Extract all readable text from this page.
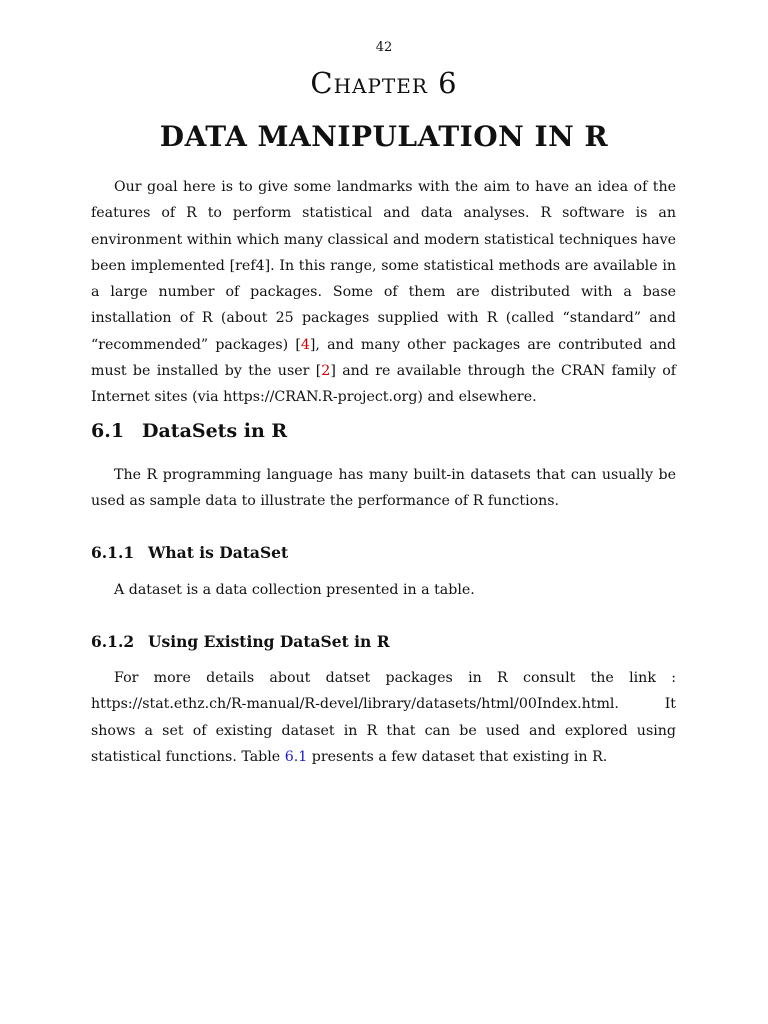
42
Chapter 6
DATA MANIPULATION IN R

Our goal here is to give some landmarks with the aim to have an idea of the features of R to perform statistical and data analyses. R software is an environment within which many classical and modern statistical techniques have been implemented [ref4]. In this range, some statistical methods are available in a large number of packages. Some of them are distributed with a base installation of R (about 25 packages supplied with R (called “standard” and “recommended” packages) [4], and many other packages are contributed and must be installed by the user [2] and re available through the CRAN family of Internet sites (via https://CRAN.R-project.org) and elsewhere.

6.1 DataSets in R

The R programming language has many built-in datasets that can usually be used as sample data to illustrate the performance of R functions.

6.1.1 What is DataSet

A dataset is a data collection presented in a table.

6.1.2 Using Existing DataSet in R

For more details about datset packages in R consult the link : https://stat.ethz.ch/R-manual/R-devel/library/datasets/html/00Index.html. It shows a set of existing dataset in R that can be used and explored using statistical functions. Table 6.1 presents a few dataset that existing in R.
